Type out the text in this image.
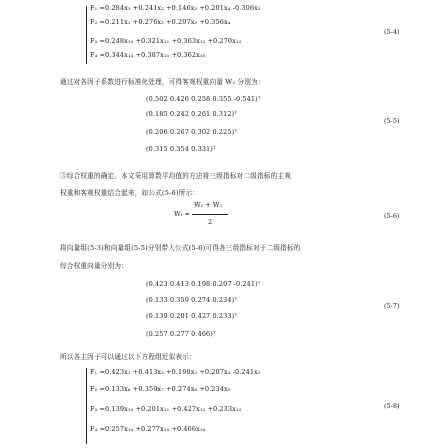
F₁ =0.284x₁ +0.241x₂ +0.146x₃ +0.201x₄ -0.306x₅
F₂ =0.211x₁ +0.276x₂ +0.297x₃ +0.356x₄
F₃ =0.248x₁₀ +0.321x₁₁ +0.363x₁₂ +0.270x₁₃
F₄ =0.344x₁₄ +0.387x₁₅ +0.362x₁₆
(5-4)
通过对各因子系数进行标准化处理，可得客观权重向量 W₂ 分别为：
(0.502 0.426 0.258 0.355 -0.541)ᵀ
(0.185 0.242 0.261 0.312)ᵀ
(0.206 0.267 0.302 0.225)ᵀ
(0.315 0.354 0.331)ᵀ
(5-5)
③综合权重的确定。本文采用算数平均值的方法将三级指标对二级指标的主观
权重和客观权重结合起来，如公式(5-6)所示：
Wᵢ =
W₁ + W₂
2
(5-6)
将向量组(5-3)和向量组(5-5)分别带入公式(5-6)可得各三级指标对于二级指标的
综合权重向量分别为：
(0.423 0.413 0.198 0.207 -0.241)ᵀ
(0.133 0.359 0.274 0.234)ᵀ
(0.139 0.201 0.427 0.233)ᵀ
(0.257 0.277 0.466)ᵀ
(5-7)
所以各主因子可以通过以下方程组近似表示：
F₁ =0.423x₁ +0.413x₂ +0.198x₃ +0.207x₄ -0.241x₅
F₂ =0.133x₆ +0.359x₇ +0.274x₈ +0.234x₉
F₃ =0.139x₁₀ +0.201x₁₁ +0.427x₁₂ +0.233x₁₃
F₄ =0.257x₁₄ +0.277x₁₅ +0.466x₁₆
(5-8)
